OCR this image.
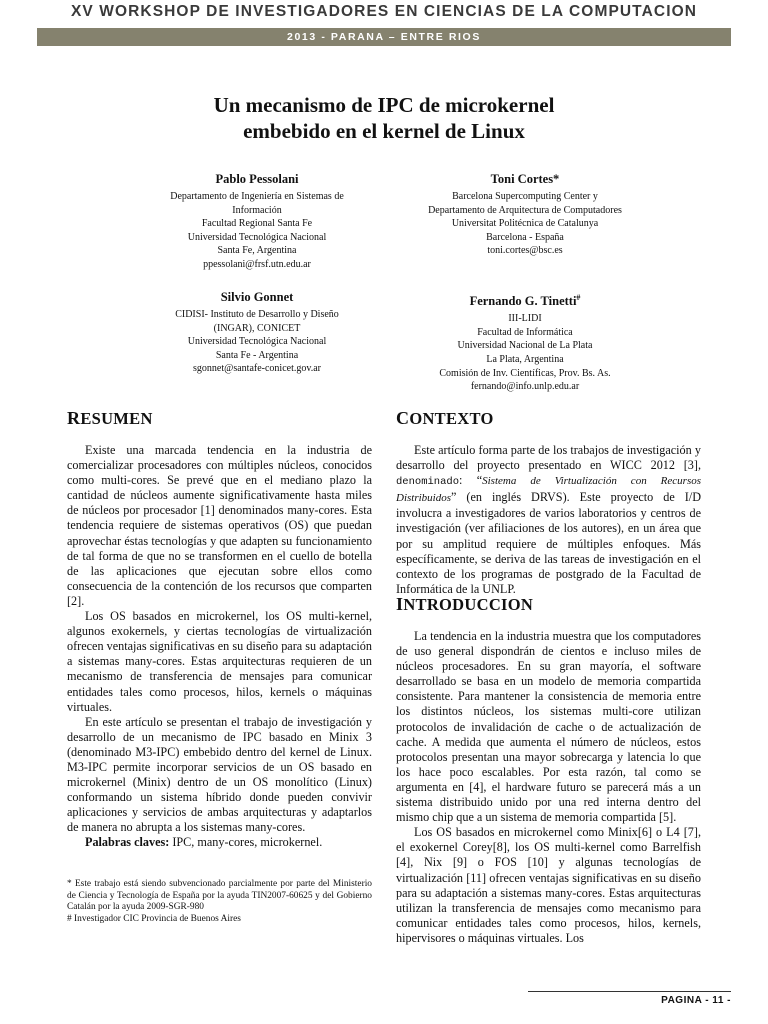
XV WORKSHOP DE INVESTIGADORES EN CIENCIAS DE LA COMPUTACION
2013 - PARANA – ENTRE RIOS
Un mecanismo de IPC de microkernel
embebido en el kernel de Linux
Pablo Pessolani
Departamento de Ingeniería en Sistemas de
Información
Facultad Regional Santa Fe
Universidad Tecnológica Nacional
Santa Fe, Argentina
ppessolani@frsf.utn.edu.ar
Toni Cortes*
Barcelona Supercomputing Center y
Departamento de Arquitectura de Computadores
Universitat Politécnica de Catalunya
Barcelona - España
toni.cortes@bsc.es
Silvio Gonnet
CIDISI- Instituto de Desarrollo y Diseño
(INGAR), CONICET
Universidad Tecnológica Nacional
Santa Fe - Argentina
sgonnet@santafe-conicet.gov.ar
Fernando G. Tinetti#
III-LIDI
Facultad de Informática
Universidad Nacional de La Plata
La Plata, Argentina
Comisión de Inv. Científicas, Prov. Bs. As.
fernando@info.unlp.edu.ar
RESUMEN

Existe una marcada tendencia en la industria de comercializar procesadores con múltiples núcleos, conocidos como multi-cores. Se prevé que en el mediano plazo la cantidad de núcleos aumente significativamente hasta miles de núcleos por procesador [1] denominados many-cores. Esta tendencia requiere de sistemas operativos (OS) que puedan aprovechar éstas tecnologías y que adapten su funcionamiento de tal forma de que no se transformen en el cuello de botella de las aplicaciones que ejecutan sobre ellos como consecuencia de la contención de los recursos que comparten [2].

Los OS basados en microkernel, los OS multi-kernel, algunos exokernels, y ciertas tecnologías de virtualización ofrecen ventajas significativas en su diseño para su adaptación a sistemas many-cores. Estas arquitecturas requieren de un mecanismo de transferencia de mensajes para comunicar entidades tales como procesos, hilos, kernels o máquinas virtuales.

En este artículo se presentan el trabajo de investigación y desarrollo de un mecanismo de IPC basado en Minix 3 (denominado M3-IPC) embebido dentro del kernel de Linux. M3-IPC permite incorporar servicios de un OS basado en microkernel (Minix) dentro de un OS monolítico (Linux) conformando un sistema híbrido donde pueden convivir aplicaciones y servicios de ambas arquitecturas y adaptarlos de manera no abrupta a los sistemas many-cores.

Palabras claves: IPC, many-cores, microkernel.

* Este trabajo está siendo subvencionado parcialmente por parte del Ministerio de Ciencia y Tecnología de España por la ayuda TIN2007-60625 y del Gobierno Catalán por la ayuda 2009-SGR-980

# Investigador CIC Provincia de Buenos Aires

CONTEXTO

Este artículo forma parte de los trabajos de investigación y desarrollo del proyecto presentado en WICC 2012 [3], denominado: “Sistema de Virtualización con Recursos Distribuidos” (en inglés DRVS). Este proyecto de I/D involucra a investigadores de varios laboratorios y centros de investigación (ver afiliaciones de los autores), en un área que por su amplitud requiere de múltiples enfoques. Más específicamente, se deriva de las tareas de investigación en el contexto de los programas de postgrado de la Facultad de Informática de la UNLP.

INTRODUCCION

La tendencia en la industria muestra que los computadores de uso general dispondrán de cientos e incluso miles de núcleos procesadores. En su gran mayoría, el software desarrollado se basa en un modelo de memoria compartida consistente. Para mantener la consistencia de memoria entre los distintos núcleos, los sistemas multi-core utilizan protocolos de invalidación de cache o de actualización de cache. A medida que aumenta el número de núcleos, estos protocolos presentan una mayor sobrecarga y latencia lo que los hace poco escalables. Por esta razón, tal como se argumenta en [4], el hardware futuro se parecerá más a un sistema distribuido unido por una red interna dentro del mismo chip que a un sistema de memoria compartida [5].

Los OS basados en microkernel como Minix[6] o L4 [7], el exokernel Corey[8], los OS multi-kernel como Barrelfish [4], Nix [9] o FOS [10] y algunas tecnologías de virtualización [11] ofrecen ventajas significativas en su diseño para su adaptación a sistemas many-cores. Estas arquitecturas utilizan la transferencia de mensajes como mecanismo para comunicar entidades tales como procesos, hilos, kernels, hipervisores o máquinas virtuales. Los

PAGINA - 11 -
